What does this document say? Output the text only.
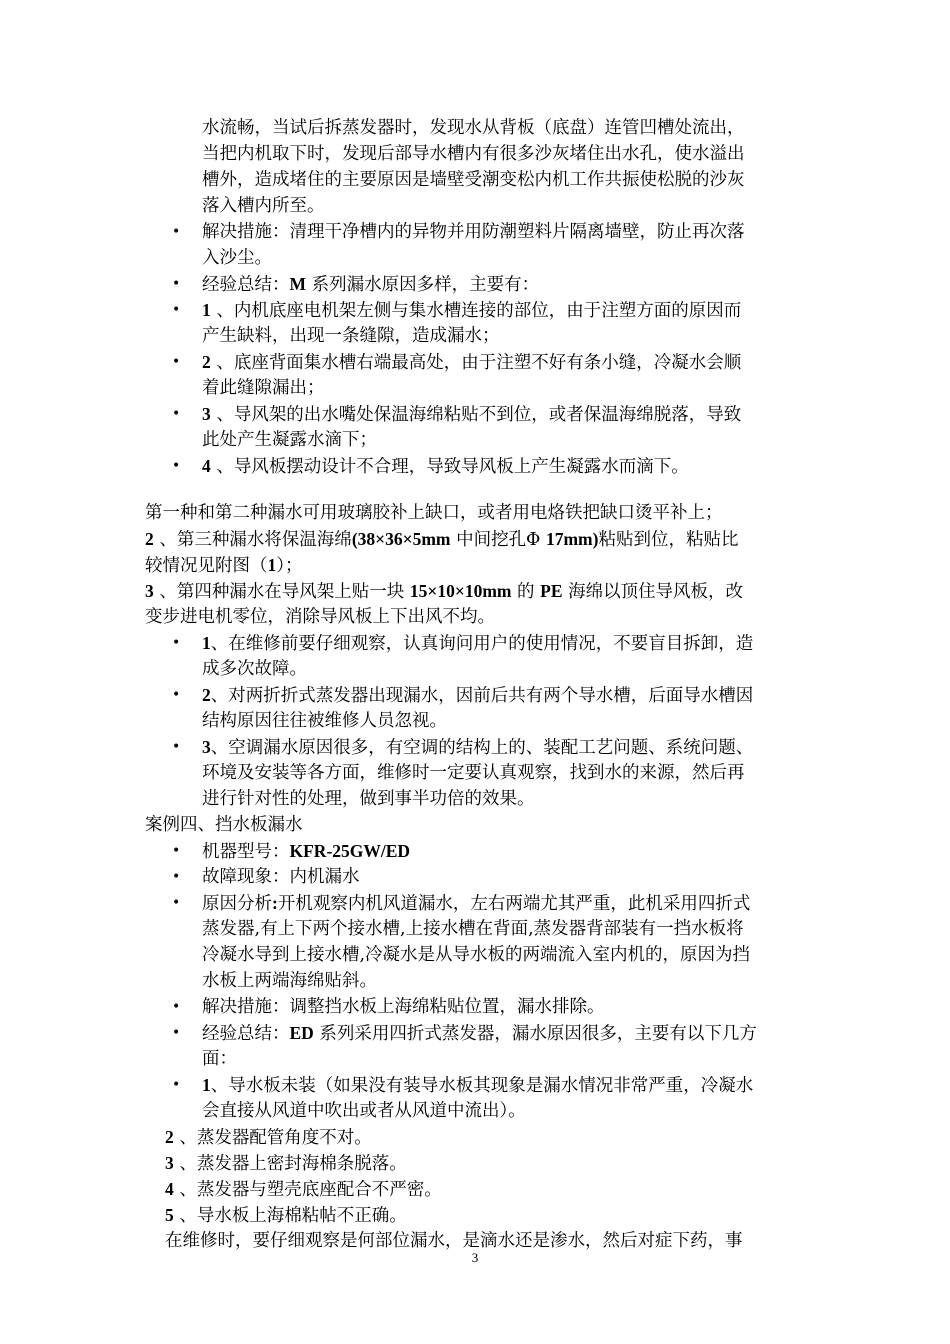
水流畅，当试后拆蒸发器时，发现水从背板（底盘）连管凹槽处流出，
当把内机取下时，发现后部导水槽内有很多沙灰堵住出水孔，使水溢出
槽外，造成堵住的主要原因是墙壁受潮变松内机工作共振使松脱的沙灰
落入槽内所至。
•	解决措施：清理干净槽内的异物并用防潮塑料片隔离墙壁，防止再次落
入沙尘。
•	经验总结：M 系列漏水原因多样，主要有：
•	1 、内机底座电机架左侧与集水槽连接的部位，由于注塑方面的原因而
产生缺料，出现一条缝隙，造成漏水；
•	2 、底座背面集水槽右端最高处，由于注塑不好有条小缝，冷凝水会顺
着此缝隙漏出；
•	3 、导风架的出水嘴处保温海绵粘贴不到位，或者保温海绵脱落，导致
此处产生凝露水滴下；
•	4 、导风板摆动设计不合理，导致导风板上产生凝露水而滴下。
第一种和第二种漏水可用玻璃胶补上缺口，或者用电烙铁把缺口烫平补上；
2 、第三种漏水将保温海绵(38×36×5mm 中间挖孔Φ 17mm)粘贴到位，粘贴比
较情况见附图（1）；
3 、第四种漏水在导风架上贴一块 15×10×10mm 的 PE 海绵以顶住导风板，改
变步进电机零位，消除导风板上下出风不均。
•	1、在维修前要仔细观察，认真询问用户的使用情况，不要盲目拆卸，造
成多次故障。
•	2、对两折折式蒸发器出现漏水，因前后共有两个导水槽，后面导水槽因
结构原因往往被维修人员忽视。
•	3、空调漏水原因很多，有空调的结构上的、装配工艺问题、系统问题、
环境及安装等各方面，维修时一定要认真观察，找到水的来源，然后再
进行针对性的处理，做到事半功倍的效果。
案例四、挡水板漏水
•	机器型号：KFR-25GW/ED
•	故障现象：内机漏水
•	原因分析:开机观察内机风道漏水，左右两端尤其严重，此机采用四折式
蒸发器,有上下两个接水槽,上接水槽在背面,蒸发器背部装有一挡水板将
冷凝水导到上接水槽,冷凝水是从导水板的两端流入室内机的，原因为挡
水板上两端海绵贴斜。
•	解决措施：调整挡水板上海绵粘贴位置，漏水排除。
•	经验总结：ED 系列采用四折式蒸发器，漏水原因很多，主要有以下几方
面：
•	1、导水板未装（如果没有装导水板其现象是漏水情况非常严重，冷凝水
会直接从风道中吹出或者从风道中流出）。
2 、蒸发器配管角度不对。
3 、蒸发器上密封海棉条脱落。
4 、蒸发器与塑壳底座配合不严密。
5 、导水板上海棉粘帖不正确。
在维修时，要仔细观察是何部位漏水，是滴水还是渗水，然后对症下药，事
3
